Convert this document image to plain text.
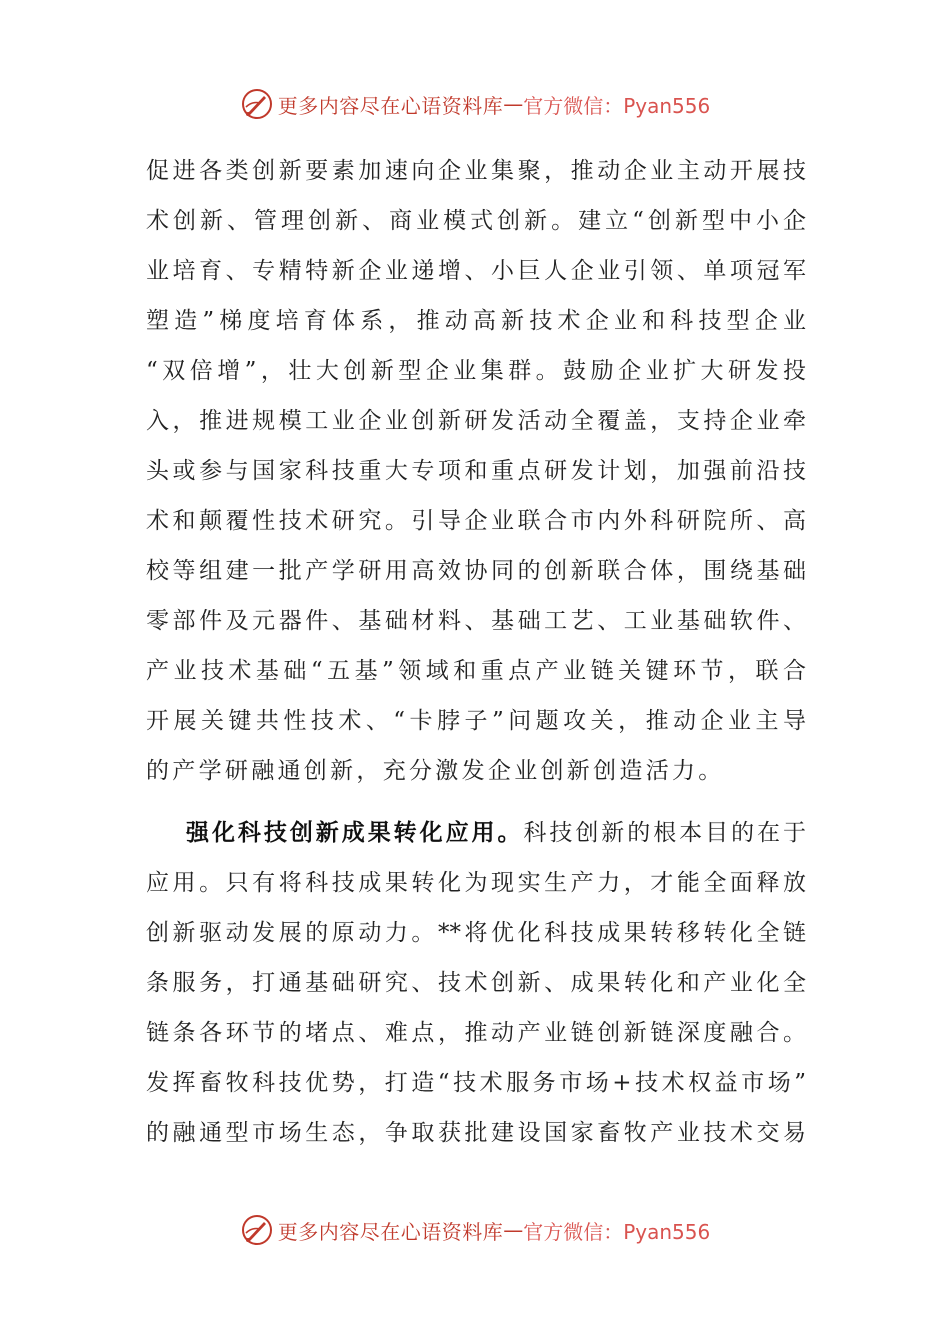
更多内容尽在心语资料库 — 官方微信：Pyan556
促进各类创新要素加速向企业集聚，推动企业主动开展技
术创新、管理创新、商业模式创新。建立“创新型中小企
业培育、专精特新企业递增、小巨人企业引领、单项冠军
塑造”梯度培育体系，推动高新技术企业和科技型企业
“双倍增”，壮大创新型企业集群。鼓励企业扩大研发投
入，推进规模工业企业创新研发活动全覆盖，支持企业牵
头或参与国家科技重大专项和重点研发计划，加强前沿技
术和颠覆性技术研究。引导企业联合市内外科研院所、高
校等组建一批产学研用高效协同的创新联合体，围绕基础
零部件及元器件、基础材料、基础工艺、工业基础软件、
产业技术基础“五基”领域和重点产业链关键环节，联合
开展关键共性技术、“卡脖子”问题攻关，推动企业主导
的产学研融通创新，充分激发企业创新创造活力。
强化科技创新成果转化应用。科技创新的根本目的在于
应用。只有将科技成果转化为现实生产力，才能全面释放
创新驱动发展的原动力。**将优化科技成果转移转化全链
条服务，打通基础研究、技术创新、成果转化和产业化全
链条各环节的堵点、难点，推动产业链创新链深度融合。
发挥畜牧科技优势，打造“技术服务市场+技术权益市场”
的融通型市场生态，争取获批建设国家畜牧产业技术交易
更多内容尽在心语资料库 — 官方微信：Pyan556
